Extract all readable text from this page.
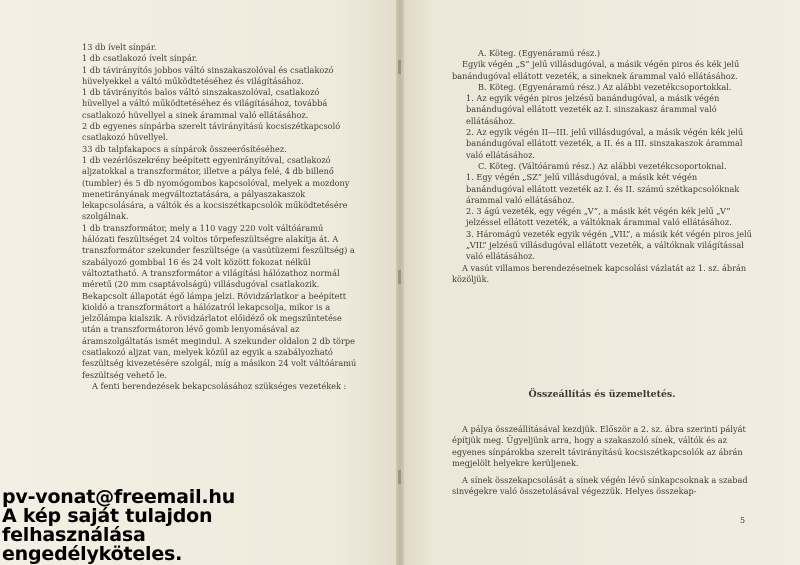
13 db ívelt sínpár.

1 db csatlakozó ívelt sínpár.

1 db távirányítós jobbos váltó sinszakaszolóval és csatlakozó hüvelyekkel a váltó működtetéséhez és világításához.

1 db távirányítós balos váltó sinszakaszolóval, csatlakozó hüvellyel a váltó működtetéséhez és világításához, továbbá csatlakozó hüvellyel a sinek árammal való ellátásához.

2 db egyenes sínpárba szerelt távirányítású kocsiszétkapcsoló csatlakozó hüvellyel.

33 db talpfakapocs a sínpárok összeerősítéséhez.

1 db vezérlőszekrény beépített egyenirányítóval, csatlakozó aljzatokkal a transzformátor, illetve a pálya felé, 4 db billenő (tumbler) és 5 db nyomógombos kapcsolóval, melyek a mozdony menetirányának megváltoztatására, a pályaszakaszok lekapcsolására, a váltók és a kocsiszétkapcsolók működtetésére szolgálnak.

1 db transzformátor, mely a 110 vagy 220 volt váltóáramú hálózati feszültséget 24 voltos törpefeszültségre alakítja át. A transzformátor szekunder feszültsége (a vasútüzemi feszültség) a szabályozó gombbal 16 és 24 volt között fokozat nélkül változtatható. A transzformátor a világítási hálózathoz normál méretű (20 mm csaptávolságú) villásdugóval csatlakozik. Bekapcsolt állapotát égő lámpa jelzi. Rövidzárlatkor a beépített kioldó a transzformátort a hálózatról lekapcsolja, mikor is a jelzőlámpa kialszik. A rövidzárlatot előidéző ok megszűntetése után a transzformátoron lévő gomb lenyomásával az áramszolgáltatás ismét megindul. A szekunder oldalon 2 db törpe csatlakozó aljzat van, melyek közül az egyik a szabályozható feszültség kivezetésére szolgál, míg a másikon 24 volt váltóáramú feszültség vehető le.

A fenti berendezések bekapcsolásához szükséges vezetékek :

A. Köteg. (Egyenáramú rész.)

Egyik végén „S” jelű villásdugóval, a másik végén piros és kék jelű banándugóval ellátott vezeték, a sineknek árammal való ellátásához.

B. Köteg. (Egyenáramú rész.) Az alábbi vezetékcsoportokkal.

1. Az egyik végén piros jelzésű banándugóval, a másik végén banándugóval ellátott vezeték az I. sinszakasz árammal való ellátásához.

2. Az egyik végén II—III. jelű villásdugóval, a másik végén kék jelű banándugóval ellátott vezeték, a II. és a III. sinszakaszok árammal való ellátásához.

C. Köteg. (Váltóáramú rész.) Az alábbi vezetékcsoportoknal.

1. Egy végén „SZ” jelű villásdugóval, a másik két végén banándugóval ellátott vezeték az I. és II. számú szétkapcsolóknak árammal való ellátásához.

2. 3 ágú vezeték, egy végén „V”, a másik két végén kék jelű „V” jelzéssel ellátott vezeték, a váltóknak árammal való ellátásához.

3. Háromágú vezeték egyik végén „VIL”, a másik két végén piros jelű „VIL” jelzésű villásdugóval ellátott vezeték, a váltóknak világítással való ellátásához.

A vasút villamos berendezéseinek kapcsolási vázlatát az 1. sz. ábrán közöljük.

Összeállítás és üzemeltetés.

A pálya összeállításával kezdjük. Először a 2. sz. ábra szerinti pályát építjük meg. Ügyeljünk arra, hogy a szakaszoló sínek, váltók és az egyenes sínpárokba szerelt távirányítású kocsiszétkapcsolók az ábrán megjelölt helyekre kerüljenek.

A sínek összekapcsolását a sínek végén lévő sínkapcsoknak a szabad sinvégekre való összetolásával végezzük. Helyes összekap-

5
pv-vonat@freemail.hu
A kép saját tulajdon
felhasználása
engedélyköteles.
